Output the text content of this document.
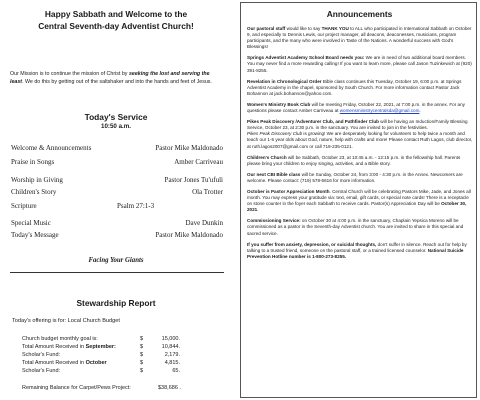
Happy Sabbath and Welcome to the
Central Seventh-day Adventist Church!
Our Mission is to continue the mission of Christ by seeking the lost and serving the least. We do this by getting out of the saltshaker and into the hands and feet of Jesus.
Today's Service
10:50 a.m.
Welcome & Announcements	Pastor Mike Maldonado
Praise in Songs	Amber Carriveau
Worship in Giving	Pastor Jones Tu'ufuli
Children's Story	Ola Trotter
Scripture	Psalm 27:1-3
Special Music	Dave Dunkin
Today's Message	Pastor Mike Maldonado
Facing Your Giants
Stewardship Report
Today's offering is for: Local Church Budget
Church budget monthly goal is:	$	15,000.
Total Amount Received in September:	$	10,844.
Scholar's Fund:	$	2,179.
Total Amount Received in October	$	4,815.
Scholar's Fund:	$	65.
Remaining Balance for Carpet/Pews Project:	$38,686 .
Announcements

Our pastoral staff would like to say THANK YOU to ALL who participated in International Sabbath on October 9, and especially to Dennis Lewis, our project manager, all deacons, deaconesses, musicians, program participants, and the many who were involved in Taste of the Nations. A wonderful success with God's Blessings!

Springs Adventist Academy School Board needs you: We are in need of two additional board members. You may never find a more rewarding calling! If you want to learn more, please call Jason Tuzinkewich at (920) 391-8255.

Revelation in Chronological Order Bible class continues this Tuesday, October 19, 6:00 p.m. at Springs Adventist Academy in the chapel, sponsored by South Church. For more information contact Pastor Jack Bohannon at jack.bohannon@yahoo.com.

Women's Ministry Book Club will be meeting Friday, October 22, 2021, at 7:00 p.m. in the annex. For any questions please contact Amber Carriveau at womensministrycentralsda@gmail.com.

Pikes Peak Discovery /Adventurer Club, and Pathfinder Club will be having an Induction/Family Blessing Service, October 23, at 2:30 p.m. in the sanctuary. You are invited to join in the festivities.
Pikes Peak Discovery Club is growing! We are desperately looking for volunteers to help twice a month and teach our 1-5 year olds about God, nature, help with crafts and more! Please contact Ruth Lagos, club director, at ruth.lagos2007@gmail.com or call 719-235-0121.

Children's Church will be Sabbath, October 23, at 10:45 a.m. - 12:15 p.m. in the fellowship hall. Parents please bring your children to enjoy singing, activities, and a Bible story.

Our next CBI Bible class will be Sunday, October 24, from 3:00 - 4:30 p.m. in the Annex. Newcomers are welcome. Please contact: (719) 578-5616 for more information.

October is Pastor Appreciation Month. Central Church will be celebrating Pastors Mike, Jade, and Jones all month. You may express your gratitude via: text, email, gift cards, or special note cards! There is a receptacle on stone counter in the foyer each Sabbath to receive cards. Pastor(s) Appreciation Day will be October 30, 2021.

Commissioning Service: on October 30 at 4:00 p.m. in the sanctuary, Chaplain Yepsica Moreno will be commissioned as a pastor in the Seventh-day Adventist church. You are invited to share in this special and sacred service.

If you suffer from anxiety, depression, or suicidal thoughts, don't suffer in silence. Reach out for help by talking to a trusted friend, someone on the pastoral staff, or a trained licensed counselor. National Suicide Prevention Hotline number is 1-800-273-8255.
